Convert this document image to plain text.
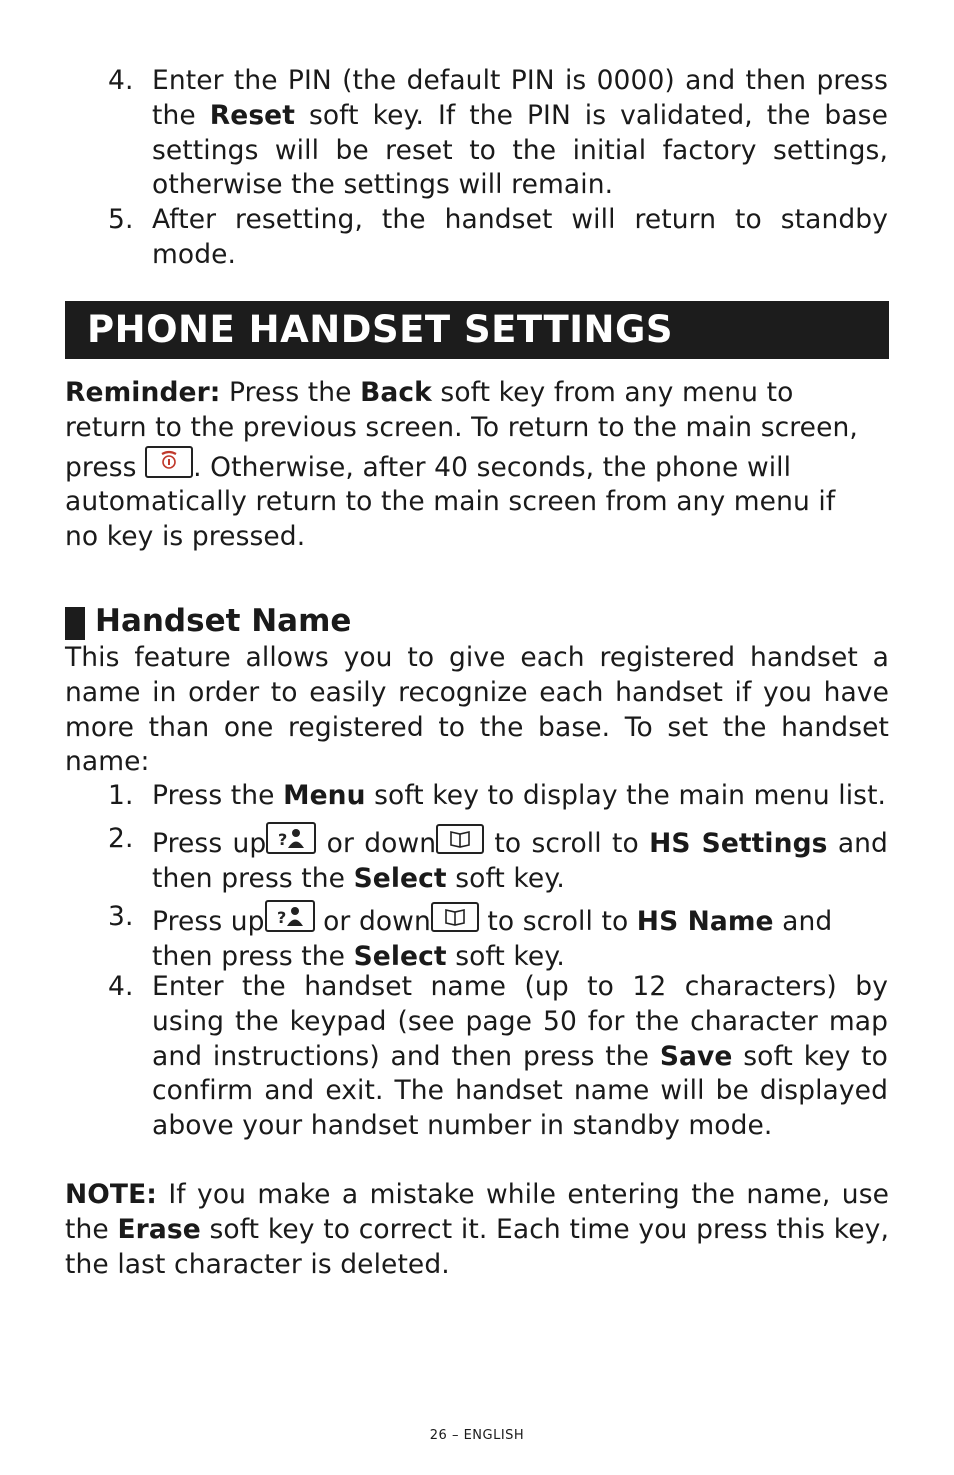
4. Enter the PIN (the default PIN is 0000) and then press the Reset soft key. If the PIN is validated, the base settings will be reset to the initial factory settings, otherwise the settings will remain.
5. After resetting, the handset will return to standby mode.
PHONE HANDSET SETTINGS
Reminder: Press the Back soft key from any menu to return to the previous screen. To return to the main screen, press
. Otherwise, after 40 seconds, the phone will automatically return to the main screen from any menu if no key is pressed.
Handset Name
This feature allows you to give each registered handset a name in order to easily recognize each handset if you have more than one registered to the base. To set the handset name:
1. Press the Menu soft key to display the main menu list.
2. Press up ? or down
to scroll to HS Settings and then press the Select soft key.
3. Press up ? or down
to scroll to HS Name and then press the Select soft key.
4. Enter the handset name (up to 12 characters) by using the keypad (see page 50 for the character map and instructions) and then press the Save soft key to confirm and exit. The handset name will be displayed above your handset number in standby mode.
NOTE: If you make a mistake while entering the name, use the Erase soft key to correct it. Each time you press this key, the last character is deleted.
26 – ENGLISH
